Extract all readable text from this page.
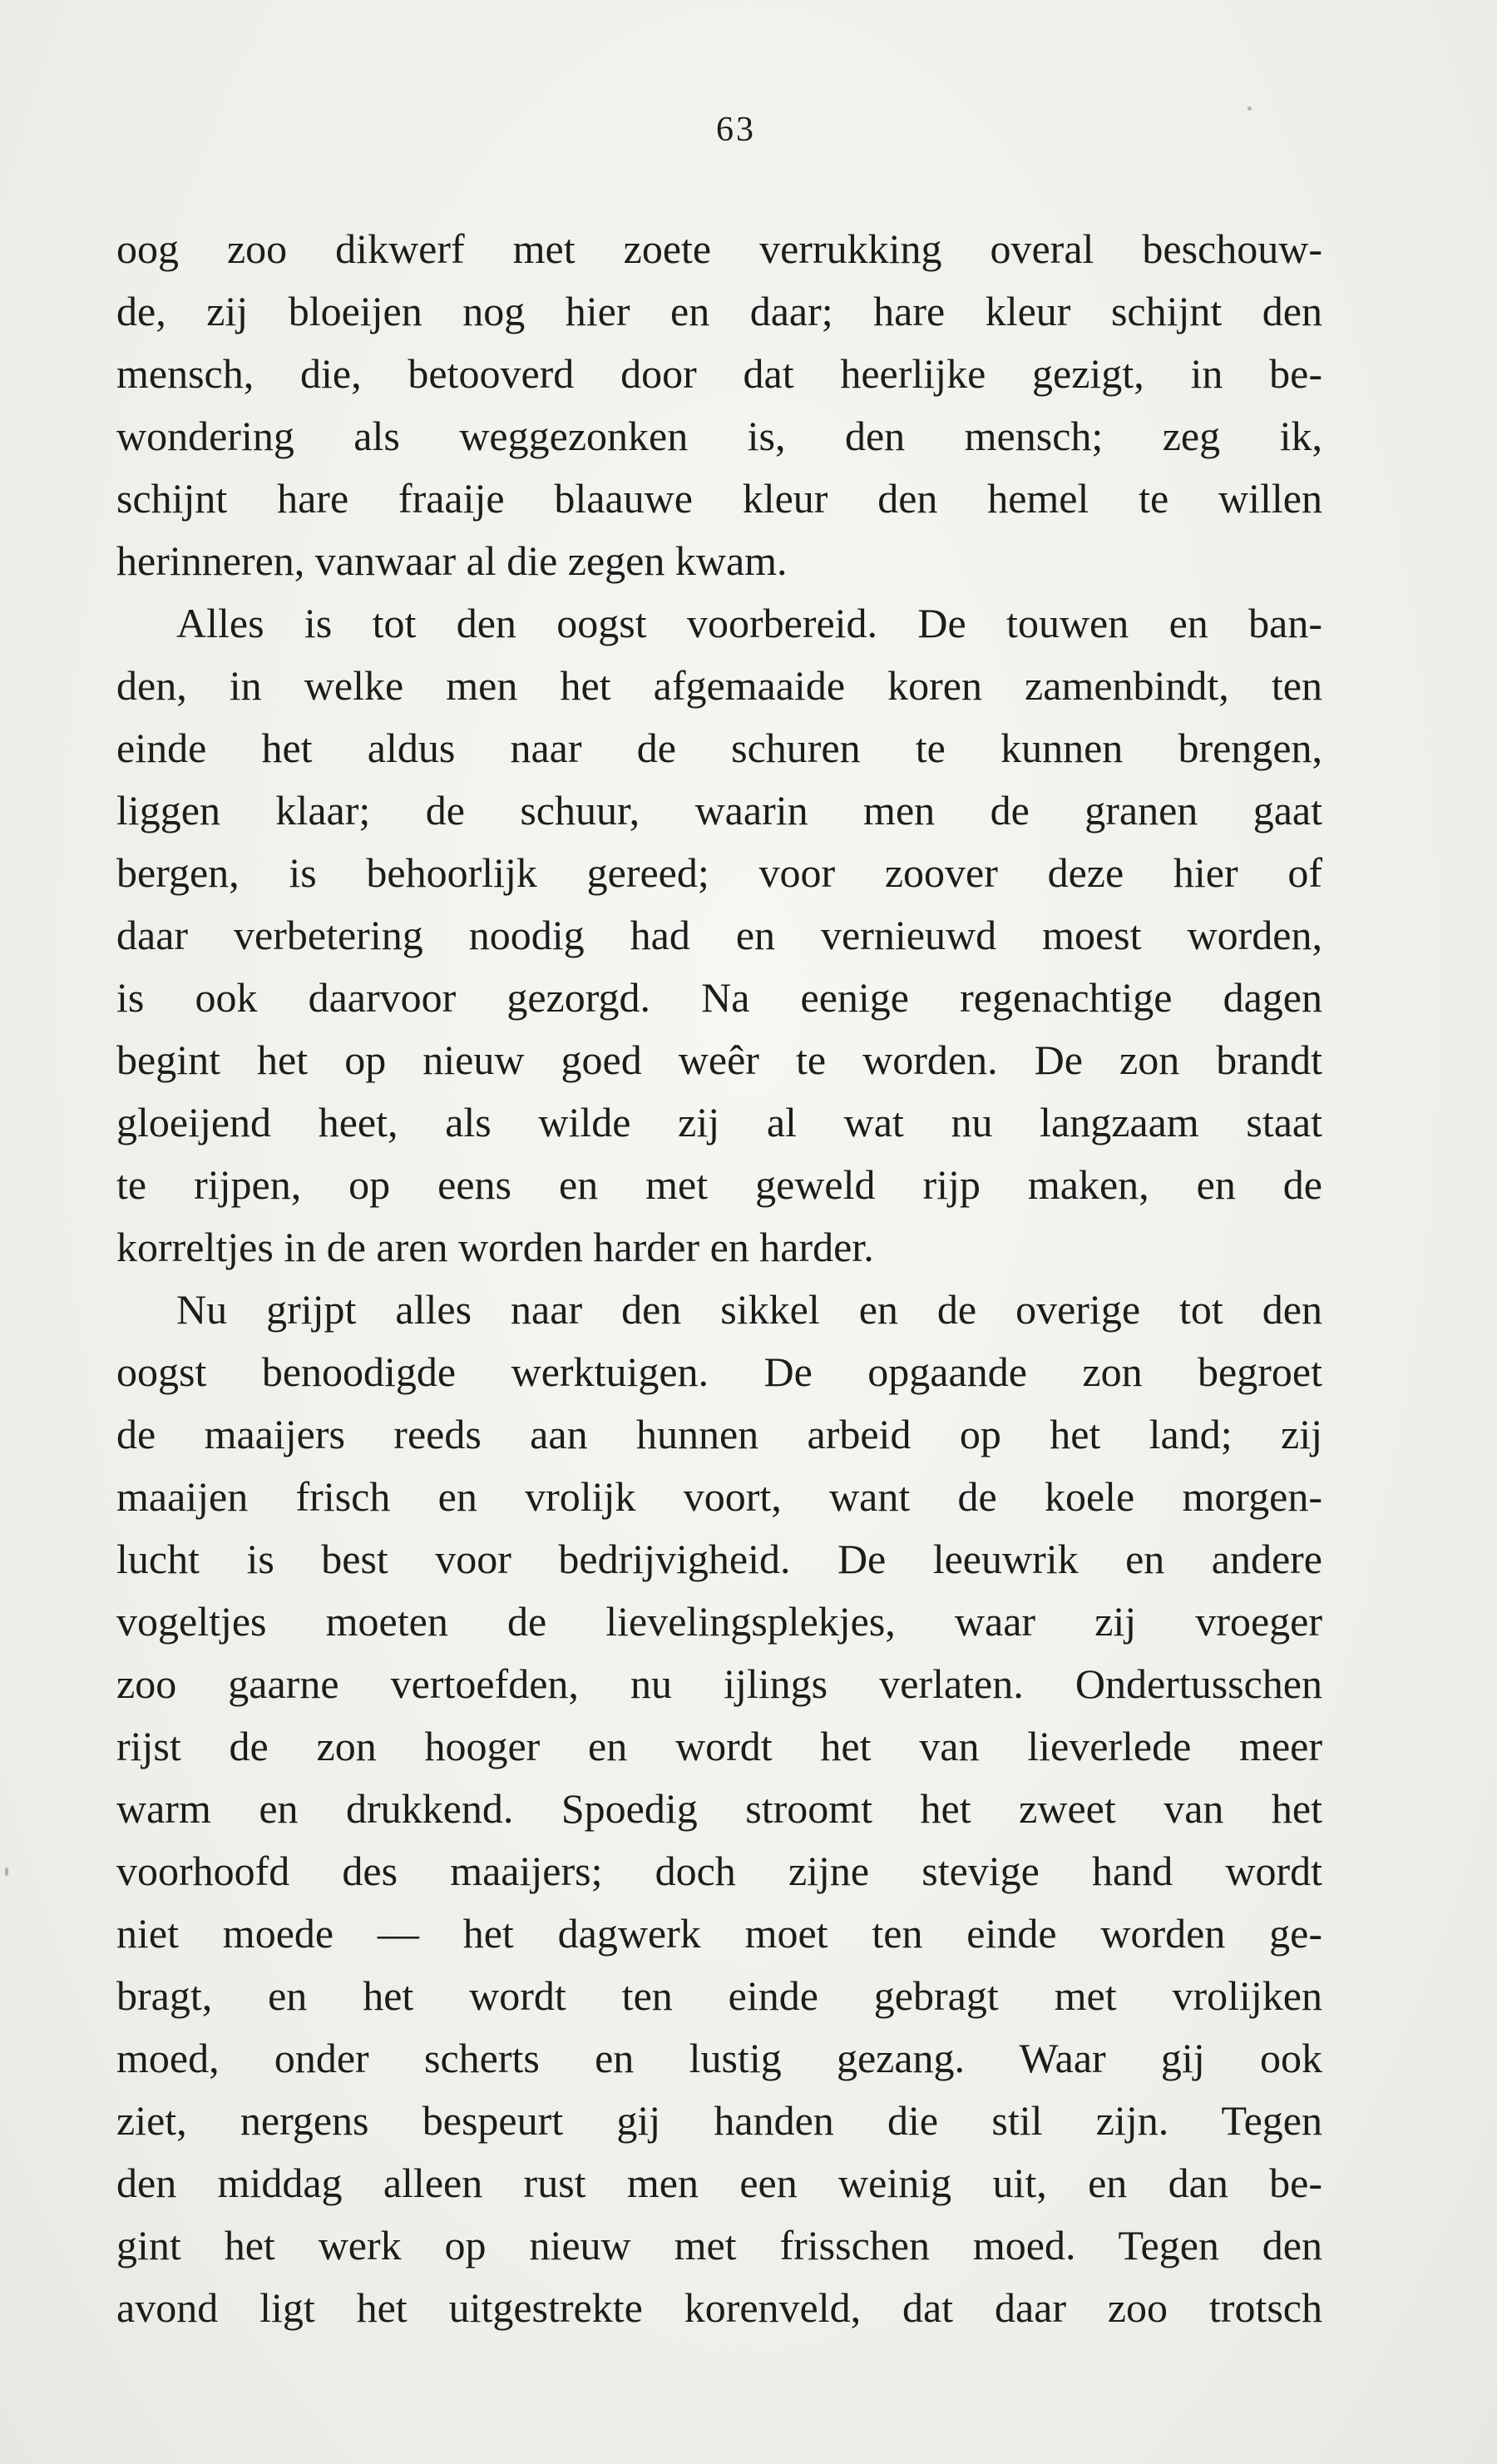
63
oog zoo dikwerf met zoete verrukking overal beschouw-
de, zij bloeijen nog hier en daar; hare kleur schijnt den
mensch, die, betooverd door dat heerlijke gezigt, in be-
wondering als weggezonken is, den mensch; zeg ik,
schijnt hare fraaije blaauwe kleur den hemel te willen
herinneren, vanwaar al die zegen kwam.
Alles is tot den oogst voorbereid. De touwen en ban-
den, in welke men het afgemaaide koren zamenbindt, ten
einde het aldus naar de schuren te kunnen brengen,
liggen klaar; de schuur, waarin men de granen gaat
bergen, is behoorlijk gereed; voor zoover deze hier of
daar verbetering noodig had en vernieuwd moest worden,
is ook daarvoor gezorgd. Na eenige regenachtige dagen
begint het op nieuw goed weêr te worden. De zon brandt
gloeijend heet, als wilde zij al wat nu langzaam staat
te rijpen, op eens en met geweld rijp maken, en de
korreltjes in de aren worden harder en harder.
Nu grijpt alles naar den sikkel en de overige tot den
oogst benoodigde werktuigen. De opgaande zon begroet
de maaijers reeds aan hunnen arbeid op het land; zij
maaijen frisch en vrolijk voort, want de koele morgen-
lucht is best voor bedrijvigheid. De leeuwrik en andere
vogeltjes moeten de lievelingsplekjes, waar zij vroeger
zoo gaarne vertoefden, nu ijlings verlaten. Ondertusschen
rijst de zon hooger en wordt het van lieverlede meer
warm en drukkend. Spoedig stroomt het zweet van het
voorhoofd des maaijers; doch zijne stevige hand wordt
niet moede — het dagwerk moet ten einde worden ge-
bragt, en het wordt ten einde gebragt met vrolijken
moed, onder scherts en lustig gezang. Waar gij ook
ziet, nergens bespeurt gij handen die stil zijn. Tegen
den middag alleen rust men een weinig uit, en dan be-
gint het werk op nieuw met frisschen moed. Tegen den
avond ligt het uitgestrekte korenveld, dat daar zoo trotsch
